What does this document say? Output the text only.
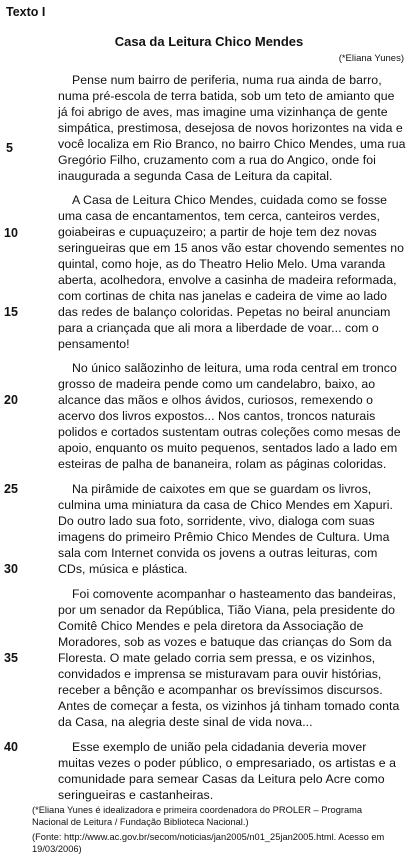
Texto I
Casa da Leitura Chico Mendes
(*Eliana Yunes)
Pense num bairro de periferia, numa rua ainda de barro,
numa pré-escola de terra batida, sob um teto de amianto que
já foi abrigo de aves, mas imagine uma vizinhança de gente
simpática, prestimosa, desejosa de novos horizontes na vida e
você localiza em Rio Branco, no bairro Chico Mendes, uma rua
Gregório Filho, cruzamento com a rua do Angico, onde foi
inaugurada a segunda Casa de Leitura da capital.
A Casa de Leitura Chico Mendes, cuidada como se fosse
uma casa de encantamentos, tem cerca, canteiros verdes,
goiabeiras e cupuaçuzeiro; a partir de hoje tem dez novas
seringueiras que em 15 anos vão estar chovendo sementes no
quintal, como hoje, as do Theatro Helio Melo. Uma varanda
aberta, acolhedora, envolve a casinha de madeira reformada,
com cortinas de chita nas janelas e cadeira de vime ao lado
das redes de balanço coloridas. Pepetas no beiral anunciam
para a criançada que ali mora a liberdade de voar... com o
pensamento!
No único salãozinho de leitura, uma roda central em tronco
grosso de madeira pende como um candelabro, baixo, ao
alcance das mãos e olhos ávidos, curiosos, remexendo o
acervo dos livros expostos... Nos cantos, troncos naturais
polidos e cortados sustentam outras coleções como mesas de
apoio, enquanto os muito pequenos, sentados lado a lado em
esteiras de palha de bananeira, rolam as páginas coloridas.
Na pirâmide de caixotes em que se guardam os livros,
culmina uma miniatura da casa de Chico Mendes em Xapuri.
Do outro lado sua foto, sorridente, vivo, dialoga com suas
imagens do primeiro Prêmio Chico Mendes de Cultura. Uma
sala com Internet convida os jovens a outras leituras, com
CDs, música e plástica.
Foi comovente acompanhar o hasteamento das bandeiras,
por um senador da República, Tião Viana, pela presidente do
Comitê Chico Mendes e pela diretora da Associação de
Moradores, sob as vozes e batuque das crianças do Som da
Floresta. O mate gelado corria sem pressa, e os vizinhos,
convidados e imprensa se misturavam para ouvir histórias,
receber a bênção e acompanhar os brevíssimos discursos.
Antes de começar a festa, os vizinhos já tinham tomado conta
da Casa, na alegria deste sinal de vida nova...
Esse exemplo de união pela cidadania deveria mover
muitas vezes o poder público, o empresariado, os artistas e a
comunidade para semear Casas da Leitura pelo Acre como
seringueiras e castanheiras.
5
10
15
20
25
30
35
40
(*Eliana Yunes é idealizadora e primeira coordenadora do PROLER – Programa
Nacional de Leitura / Fundação Biblioteca Nacional.)
(Fonte: http://www.ac.gov.br/secom/noticias/jan2005/n01_25jan2005.html. Acesso em
19/03/2006)
